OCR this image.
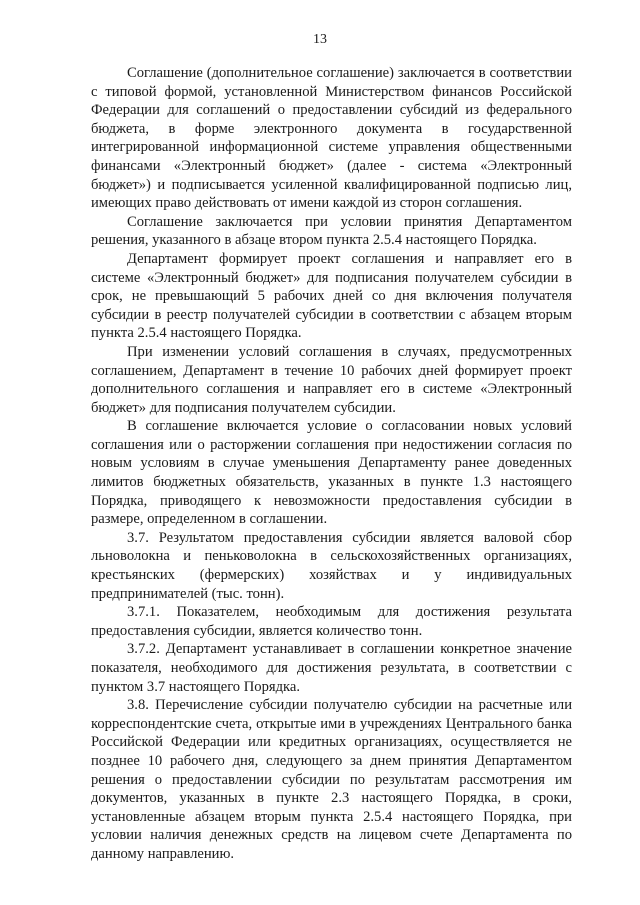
13

Соглашение (дополнительное соглашение) заключается в соответствии с типовой формой, установленной Министерством финансов Российской Федерации для соглашений о предоставлении субсидий из федерального бюджета, в форме электронного документа в государственной интегрированной информационной системе управления общественными финансами «Электронный бюджет» (далее - система «Электронный бюджет») и подписывается усиленной квалифицированной подписью лиц, имеющих право действовать от имени каждой из сторон соглашения.

Соглашение заключается при условии принятия Департаментом решения, указанного в абзаце втором пункта 2.5.4 настоящего Порядка.

Департамент формирует проект соглашения и направляет его в системе «Электронный бюджет» для подписания получателем субсидии в срок, не превышающий 5 рабочих дней со дня включения получателя субсидии в реестр получателей субсидии в соответствии с абзацем вторым пункта 2.5.4 настоящего Порядка.

При изменении условий соглашения в случаях, предусмотренных соглашением, Департамент в течение 10 рабочих дней формирует проект дополнительного соглашения и направляет его в системе «Электронный бюджет» для подписания получателем субсидии.

В соглашение включается условие о согласовании новых условий соглашения или о расторжении соглашения при недостижении согласия по новым условиям в случае уменьшения Департаменту ранее доведенных лимитов бюджетных обязательств, указанных в пункте 1.3 настоящего Порядка, приводящего к невозможности предоставления субсидии в размере, определенном в соглашении.

3.7. Результатом предоставления субсидии является валовой сбор льноволокна и пеньковолокна в сельскохозяйственных организациях, крестьянских (фермерских) хозяйствах и у индивидуальных предпринимателей (тыс. тонн).

3.7.1. Показателем, необходимым для достижения результата предоставления субсидии, является количество тонн.

3.7.2. Департамент устанавливает в соглашении конкретное значение показателя, необходимого для достижения результата, в соответствии с пунктом 3.7 настоящего Порядка.

3.8. Перечисление субсидии получателю субсидии на расчетные или корреспондентские счета, открытые ими в учреждениях Центрального банка Российской Федерации или кредитных организациях, осуществляется не позднее 10 рабочего дня, следующего за днем принятия Департаментом решения о предоставлении субсидии по результатам рассмотрения им документов, указанных в пункте 2.3 настоящего Порядка, в сроки, установленные абзацем вторым пункта 2.5.4 настоящего Порядка, при условии наличия денежных средств на лицевом счете Департамента по данному направлению.
